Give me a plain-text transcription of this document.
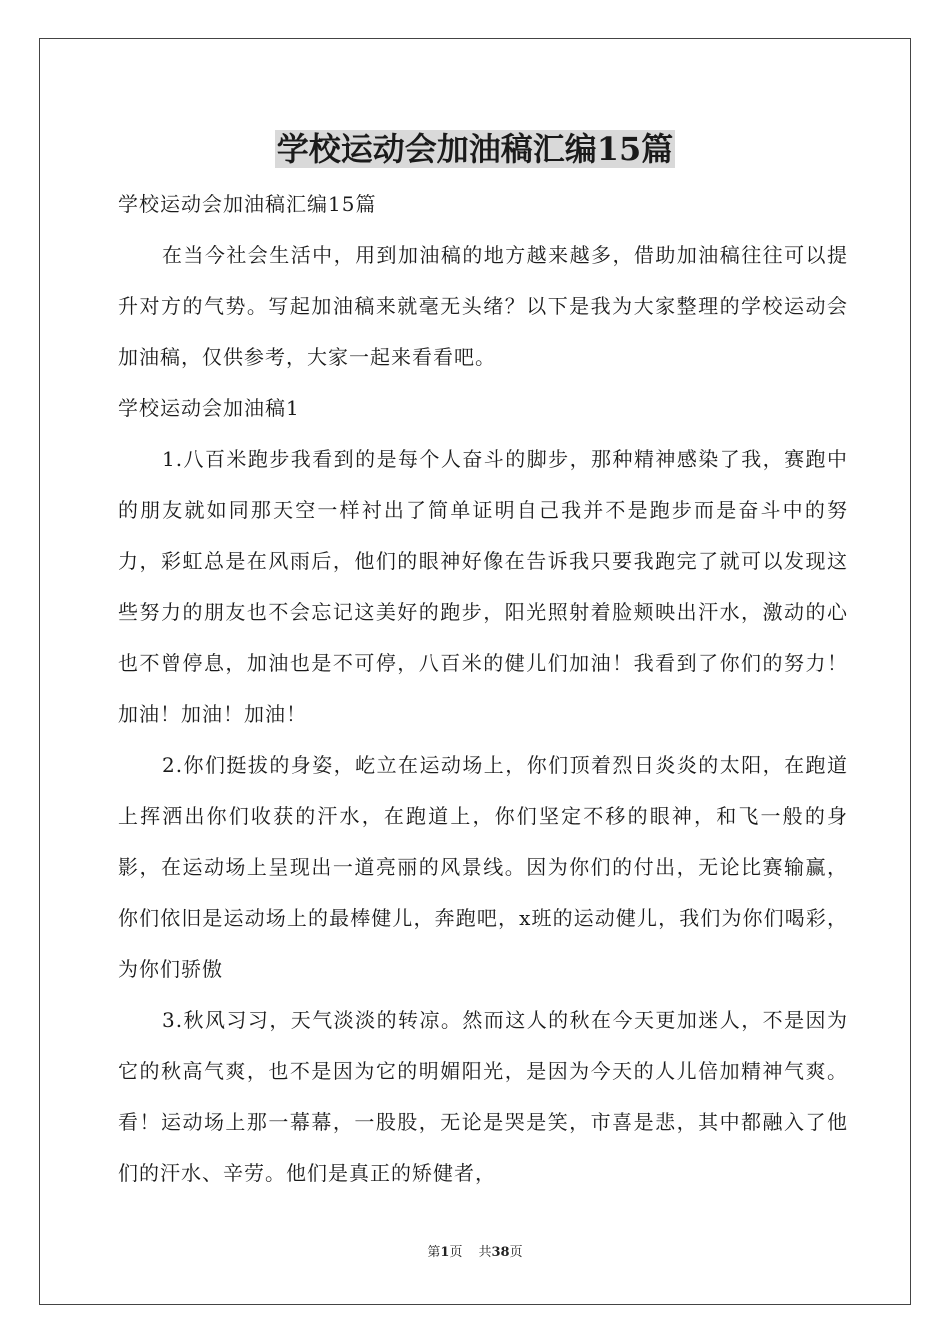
学校运动会加油稿汇编15篇

学校运动会加油稿汇编15篇

在当今社会生活中，用到加油稿的地方越来越多，借助加油稿往往可以提升对方的气势。写起加油稿来就毫无头绪？以下是我为大家整理的学校运动会加油稿，仅供参考，大家一起来看看吧。

学校运动会加油稿1

1.八百米跑步我看到的是每个人奋斗的脚步，那种精神感染了我，赛跑中的朋友就如同那天空一样衬出了简单证明自己我并不是跑步而是奋斗中的努力，彩虹总是在风雨后，他们的眼神好像在告诉我只要我跑完了就可以发现这些努力的朋友也不会忘记这美好的跑步，阳光照射着脸颊映出汗水，激动的心也不曾停息，加油也是不可停，八百米的健儿们加油！我看到了你们的努力！加油！加油！加油！

2.你们挺拔的身姿，屹立在运动场上，你们顶着烈日炎炎的太阳，在跑道上挥洒出你们收获的汗水，在跑道上，你们坚定不移的眼神，和飞一般的身影，在运动场上呈现出一道亮丽的风景线。因为你们的付出，无论比赛输赢，你们依旧是运动场上的最棒健儿，奔跑吧，x班的运动健儿，我们为你们喝彩，为你们骄傲

3.秋风习习，天气淡淡的转凉。然而这人的秋在今天更加迷人，不是因为它的秋高气爽，也不是因为它的明媚阳光，是因为今天的人儿倍加精神气爽。看！运动场上那一幕幕，一股股，无论是哭是笑，市喜是悲，其中都融入了他们的汗水、辛劳。他们是真正的矫健者，

第1页 共38页
